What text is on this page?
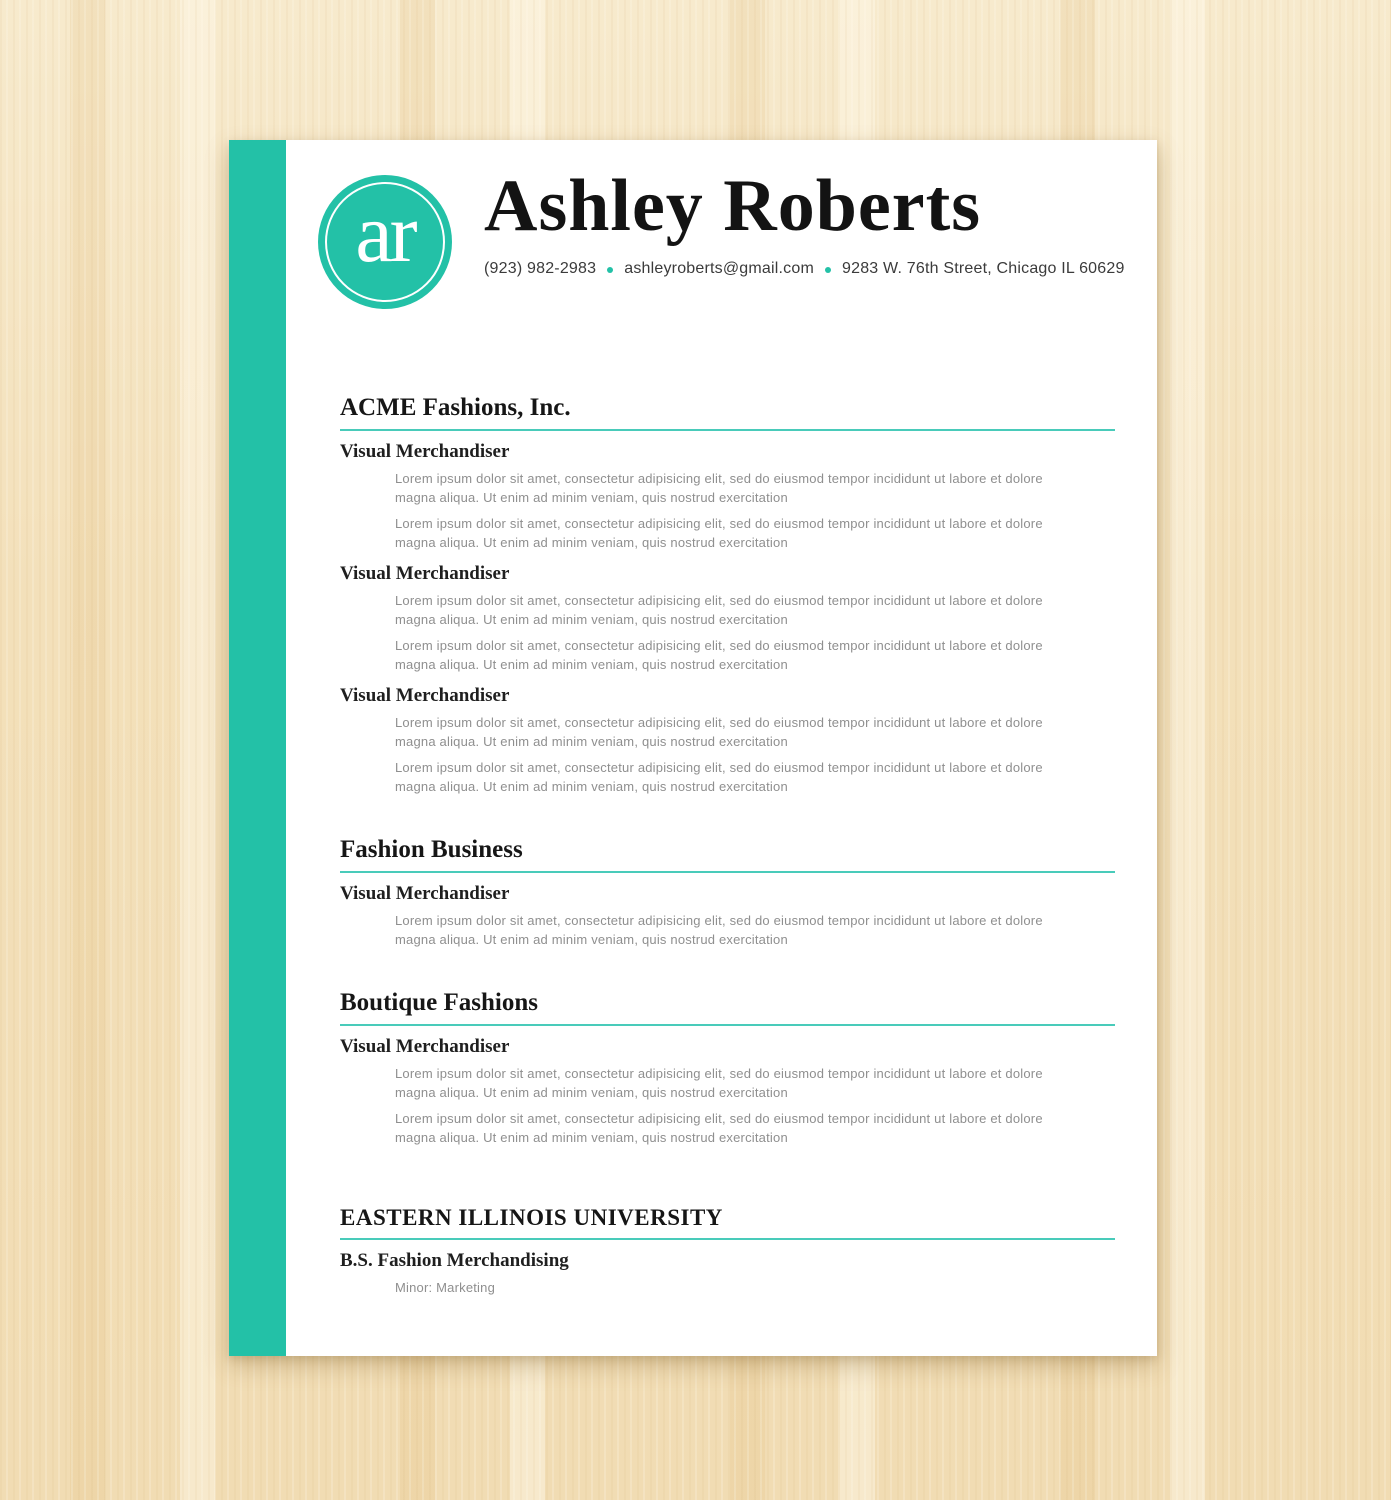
ar Ashley Roberts
(923) 982-2983 ashleyroberts@gmail.com 9283 W. 76th Street, Chicago IL 60629
ACME Fashions, Inc.
Visual Merchandiser

Lorem ipsum dolor sit amet, consectetur adipisicing elit, sed do eiusmod tempor incididunt ut labore et dolore magna aliqua. Ut enim ad minim veniam, quis nostrud exercitation

Lorem ipsum dolor sit amet, consectetur adipisicing elit, sed do eiusmod tempor incididunt ut labore et dolore magna aliqua. Ut enim ad minim veniam, quis nostrud exercitation

Visual Merchandiser

Lorem ipsum dolor sit amet, consectetur adipisicing elit, sed do eiusmod tempor incididunt ut labore et dolore magna aliqua. Ut enim ad minim veniam, quis nostrud exercitation

Lorem ipsum dolor sit amet, consectetur adipisicing elit, sed do eiusmod tempor incididunt ut labore et dolore magna aliqua. Ut enim ad minim veniam, quis nostrud exercitation

Visual Merchandiser

Lorem ipsum dolor sit amet, consectetur adipisicing elit, sed do eiusmod tempor incididunt ut labore et dolore magna aliqua. Ut enim ad minim veniam, quis nostrud exercitation

Lorem ipsum dolor sit amet, consectetur adipisicing elit, sed do eiusmod tempor incididunt ut labore et dolore magna aliqua. Ut enim ad minim veniam, quis nostrud exercitation

Fashion Business
Visual Merchandiser

Lorem ipsum dolor sit amet, consectetur adipisicing elit, sed do eiusmod tempor incididunt ut labore et dolore magna aliqua. Ut enim ad minim veniam, quis nostrud exercitation

Boutique Fashions
Visual Merchandiser

Lorem ipsum dolor sit amet, consectetur adipisicing elit, sed do eiusmod tempor incididunt ut labore et dolore magna aliqua. Ut enim ad minim veniam, quis nostrud exercitation

Lorem ipsum dolor sit amet, consectetur adipisicing elit, sed do eiusmod tempor incididunt ut labore et dolore magna aliqua. Ut enim ad minim veniam, quis nostrud exercitation

EASTERN ILLINOIS UNIVERSITY
B.S. Fashion Merchandising

Minor: Marketing
